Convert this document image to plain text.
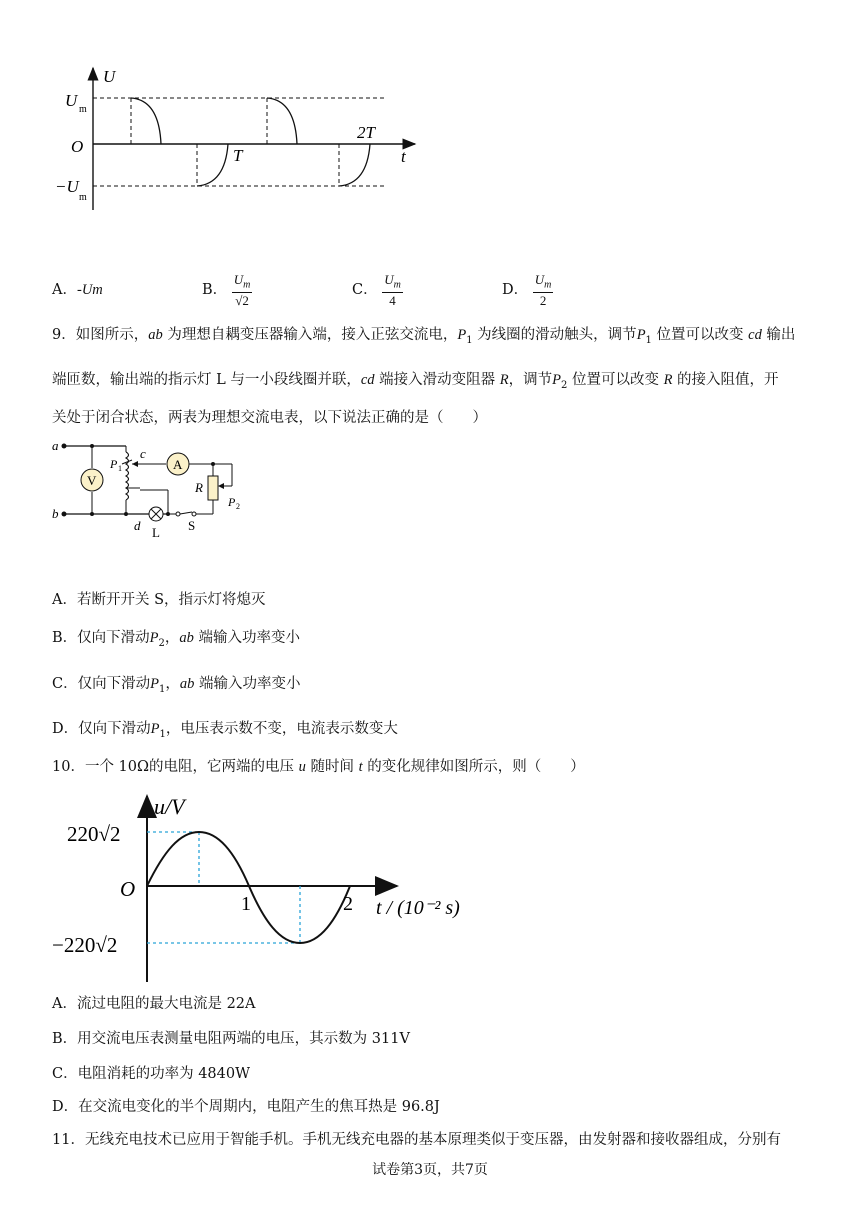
U
t
O
U m
−U
m
T
2T
A．-Um	B． $\frac{U_m}{√2}$	C． $\frac{U_m}{4}$	D． $\frac{U_m}{2}$
9．如图所示，ab 为理想自耦变压器输入端，接入正弦交流电，$P_1$ 为线圈的滑动触头，调节$P_1$ 位置可以改变 cd 输出
端匝数，输出端的指示灯 L 与一小段线圈并联，cd 端接入滑动变阻器 R，调节$P_2$ 位置可以改变 R 的接入阻值，开
关处于闭合状态，两表为理想交流电表，以下说法正确的是（　　）
V
P 1
c
A
R
P 2
d L S
a
b
A．若断开开关 S，指示灯将熄灭
B．仅向下滑动$P_2$，ab 端输入功率变小
C．仅向下滑动$P_1$，ab 端输入功率变小
D．仅向下滑动$P_1$，电压表示数不变，电流表示数变大
10．一个 10Ω的电阻，它两端的电压 u 随时间 t 的变化规律如图所示，则（　　）
u/V
220√2
−220√2
O
1	2 t / (10⁻² s)
A．流过电阻的最大电流是 22A
B．用交流电压表测量电阻两端的电压，其示数为 311V
C．电阻消耗的功率为 4840W
D．在交流电变化的半个周期内，电阻产生的焦耳热是 96.8J
11．无线充电技术已应用于智能手机。手机无线充电器的基本原理类似于变压器，由发射器和接收器组成，分别有
试卷第3页，共7页
